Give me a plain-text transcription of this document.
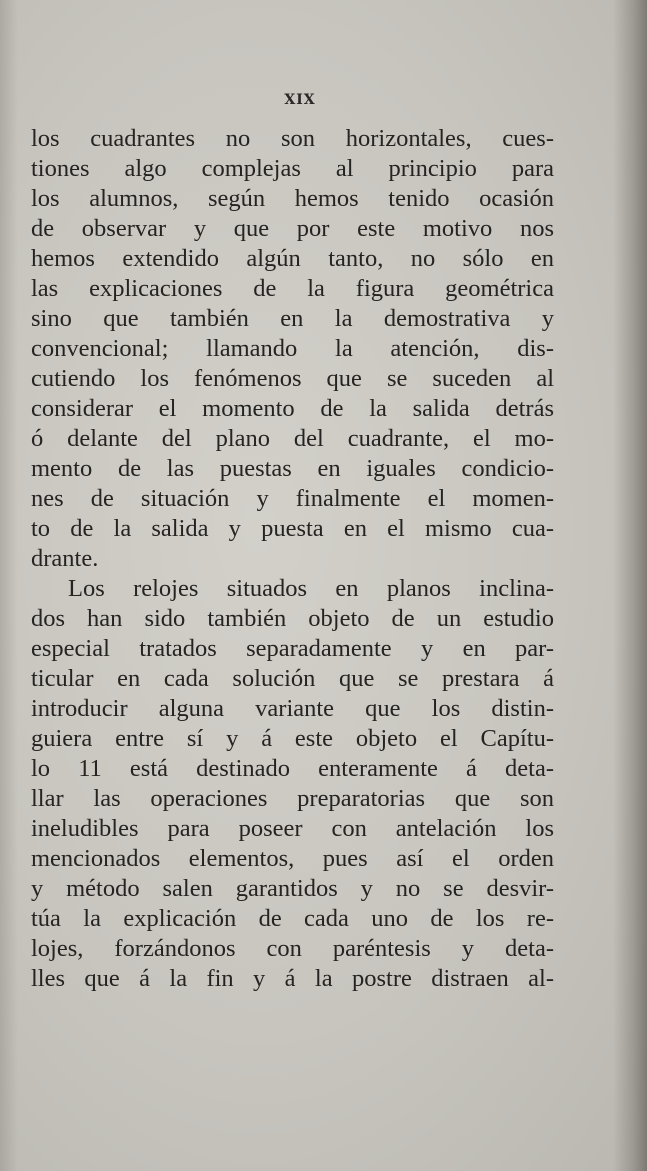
XIX
los cuadrantes no son horizontales, cues-
tiones algo complejas al principio para
los alumnos, según hemos tenido ocasión
de observar y que por este motivo nos
hemos extendido algún tanto, no sólo en
las explicaciones de la figura geométrica
sino que también en la demostrativa y
convencional; llamando la atención, dis-
cutiendo los fenómenos que se suceden al
considerar el momento de la salida detrás
ó delante del plano del cuadrante, el mo-
mento de las puestas en iguales condicio-
nes de situación y finalmente el momen-
to de la salida y puesta en el mismo cua-
drante.
Los relojes situados en planos inclina-
dos han sido también objeto de un estudio
especial tratados separadamente y en par-
ticular en cada solución que se prestara á
introducir alguna variante que los distin-
guiera entre sí y á este objeto el Capítu-
lo 11 está destinado enteramente á deta-
llar las operaciones preparatorias que son
ineludibles para poseer con antelación los
mencionados elementos, pues así el orden
y método salen garantidos y no se desvir-
túa la explicación de cada uno de los re-
lojes, forzándonos con paréntesis y deta-
lles que á la fin y á la postre distraen al-
